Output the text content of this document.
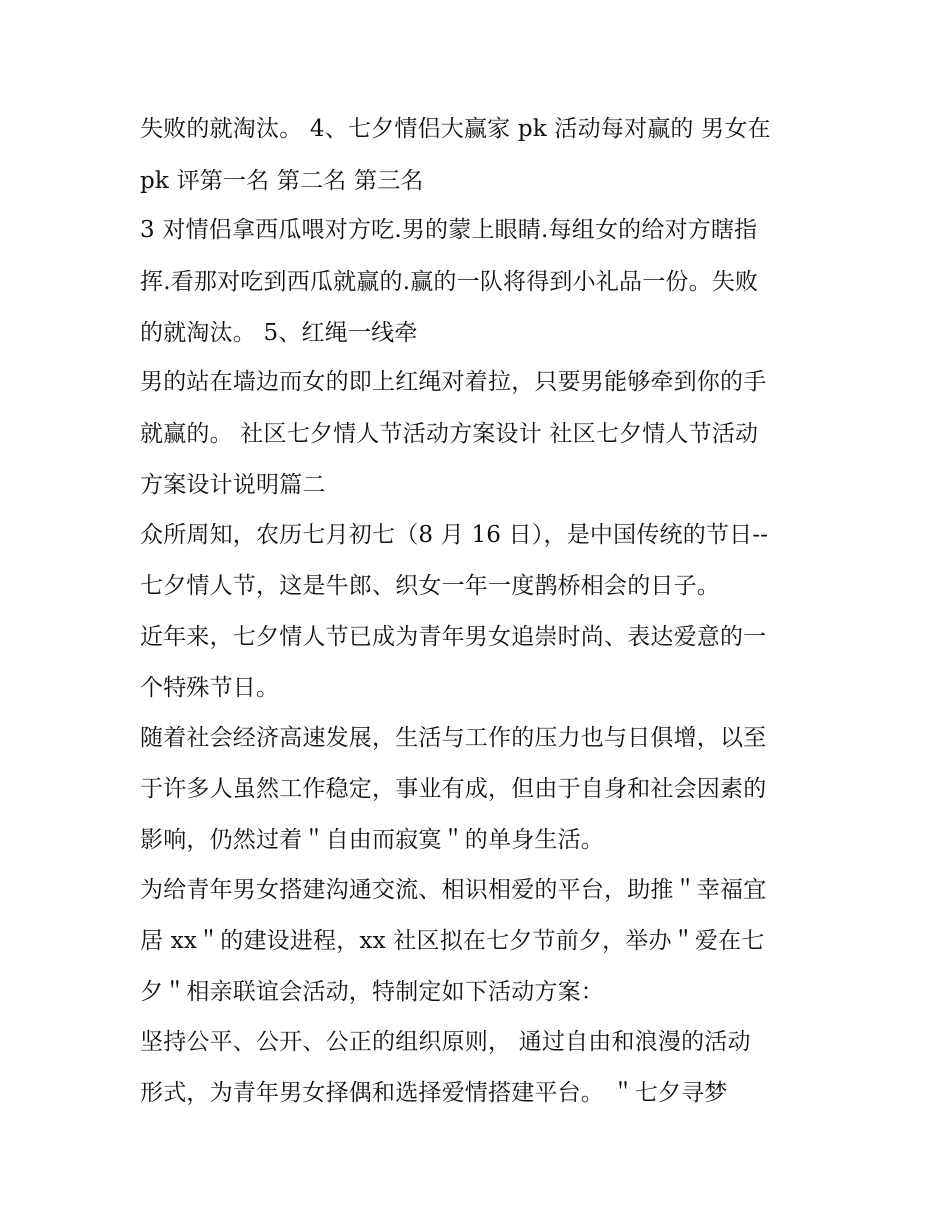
失败的就淘汰。 4、七夕情侣大赢家 pk 活动每对赢的 男女在
pk 评第一名 第二名 第三名
3 对情侣拿西瓜喂对方吃.男的蒙上眼睛.每组女的给对方瞎指
挥.看那对吃到西瓜就赢的.赢的一队将得到小礼品一份。失败
的就淘汰。 5、红绳一线牵
男的站在墙边而女的即上红绳对着拉，只要男能够牵到你的手
就赢的。 社区七夕情人节活动方案设计 社区七夕情人节活动
方案设计说明篇二
众所周知，农历七月初七（8 月 16 日），是中国传统的节日--
七夕情人节，这是牛郎、织女一年一度鹊桥相会的日子。
近年来，七夕情人节已成为青年男女追崇时尚、表达爱意的一
个特殊节日。
随着社会经济高速发展，生活与工作的压力也与日俱增，以至
于许多人虽然工作稳定，事业有成，但由于自身和社会因素的
影响，仍然过着＂自由而寂寞＂的单身生活。
为给青年男女搭建沟通交流、相识相爱的平台，助推＂幸福宜
居 xx＂的建设进程，xx 社区拟在七夕节前夕，举办＂爱在七
夕＂相亲联谊会活动，特制定如下活动方案：
坚持公平、公开、公正的组织原则， 通过自由和浪漫的活动
形式，为青年男女择偶和选择爱情搭建平台。 ＂七夕寻梦
